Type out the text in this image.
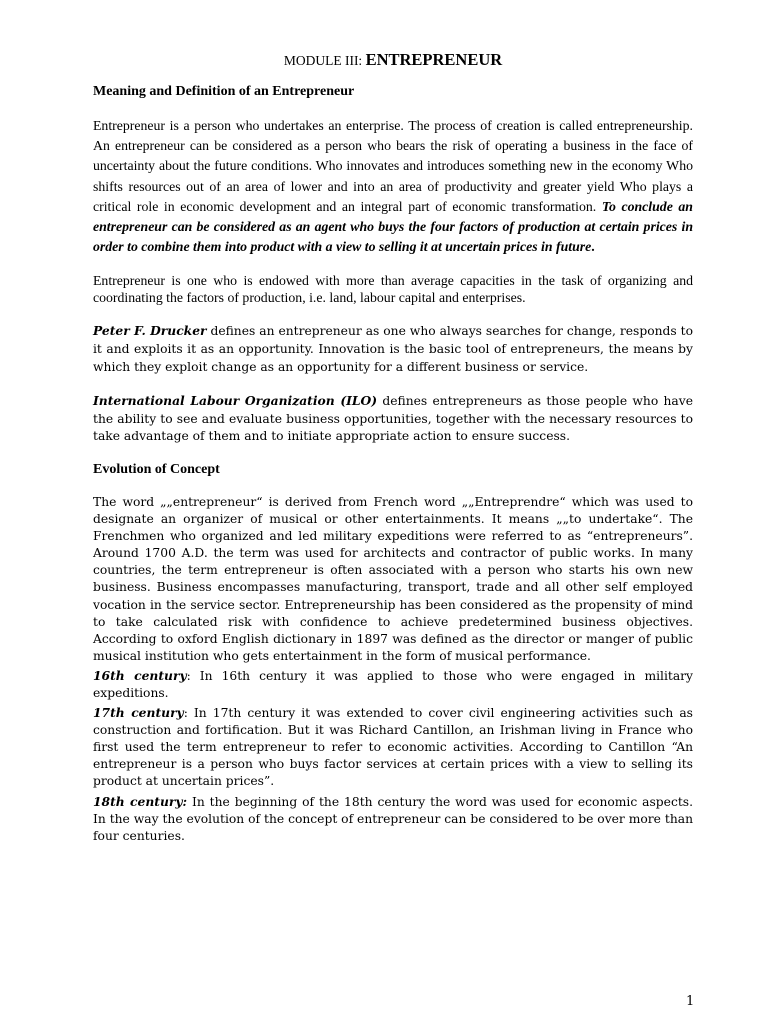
MODULE III: ENTREPRENEUR
Meaning and Definition of an Entrepreneur

Entrepreneur is a person who undertakes an enterprise. The process of creation is called entrepreneurship. An entrepreneur can be considered as a person who bears the risk of operating a business in the face of uncertainty about the future conditions. Who innovates and introduces something new in the economy Who shifts resources out of an area of lower and into an area of productivity and greater yield Who plays a critical role in economic development and an integral part of economic transformation. To conclude an entrepreneur can be considered as an agent who buys the four factors of production at certain prices in order to combine them into product with a view to selling it at uncertain prices in future.

Entrepreneur is one who is endowed with more than average capacities in the task of organizing and coordinating the factors of production, i.e. land, labour capital and enterprises.

Peter F. Drucker defines an entrepreneur as one who always searches for change, responds to it and exploits it as an opportunity. Innovation is the basic tool of entrepreneurs, the means by which they exploit change as an opportunity for a different business or service.

International Labour Organization (ILO) defines entrepreneurs as those people who have the ability to see and evaluate business opportunities, together with the necessary resources to take advantage of them and to initiate appropriate action to ensure success.

Evolution of Concept

The word „„entrepreneur“ is derived from French word „„Entreprendre“ which was used to designate an organizer of musical or other entertainments. It means „„to undertake“. The Frenchmen who organized and led military expeditions were referred to as “entrepreneurs”. Around 1700 A.D. the term was used for architects and contractor of public works. In many countries, the term entrepreneur is often associated with a person who starts his own new business. Business encompasses manufacturing, transport, trade and all other self employed vocation in the service sector. Entrepreneurship has been considered as the propensity of mind to take calculated risk with confidence to achieve predetermined business objectives. According to oxford English dictionary in 1897 was defined as the director or manger of public musical institution who gets entertainment in the form of musical performance.

16th century: In 16th century it was applied to those who were engaged in military expeditions.

17th century: In 17th century it was extended to cover civil engineering activities such as construction and fortification. But it was Richard Cantillon, an Irishman living in France who first used the term entrepreneur to refer to economic activities. According to Cantillon “An entrepreneur is a person who buys factor services at certain prices with a view to selling its product at uncertain prices”.

18th century: In the beginning of the 18th century the word was used for economic aspects. In the way the evolution of the concept of entrepreneur can be considered to be over more than four centuries.

1
